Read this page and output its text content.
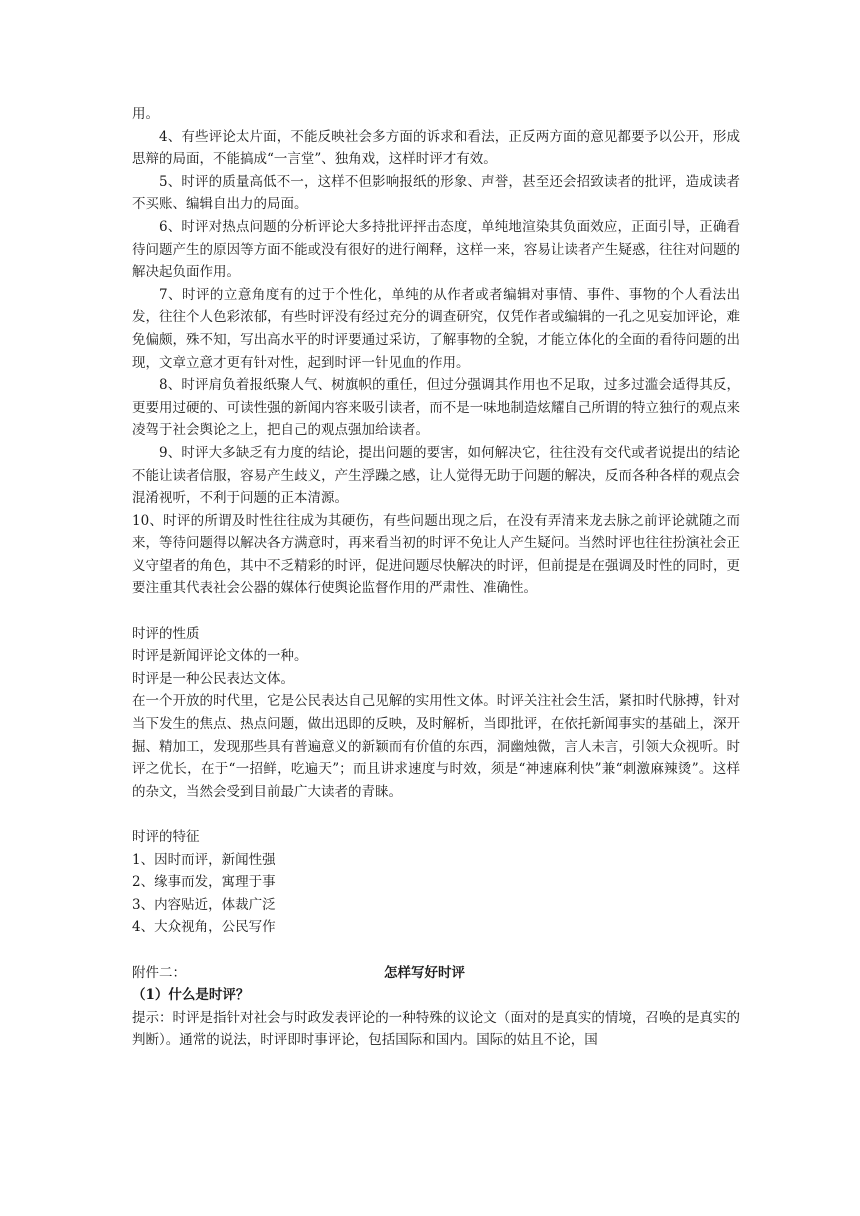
用。

4、有些评论太片面，不能反映社会多方面的诉求和看法，正反两方面的意见都要予以公开，形成思辩的局面，不能搞成“一言堂”、独角戏，这样时评才有效。

5、时评的质量高低不一，这样不但影响报纸的形象、声誉，甚至还会招致读者的批评，造成读者不买账、编辑自出力的局面。

6、时评对热点问题的分析评论大多持批评抨击态度，单纯地渲染其负面效应，正面引导，正确看待问题产生的原因等方面不能或没有很好的进行阐释，这样一来，容易让读者产生疑惑，往往对问题的解决起负面作用。

7、时评的立意角度有的过于个性化，单纯的从作者或者编辑对事情、事件、事物的个人看法出发，往往个人色彩浓郁，有些时评没有经过充分的调查研究，仅凭作者或编辑的一孔之见妄加评论，难免偏颇，殊不知，写出高水平的时评要通过采访，了解事物的全貌，才能立体化的全面的看待问题的出现，文章立意才更有针对性，起到时评一针见血的作用。

8、时评肩负着报纸聚人气、树旗帜的重任，但过分强调其作用也不足取，过多过滥会适得其反，更要用过硬的、可读性强的新闻内容来吸引读者，而不是一味地制造炫耀自己所谓的特立独行的观点来凌驾于社会舆论之上，把自己的观点强加给读者。

9、时评大多缺乏有力度的结论，提出问题的要害，如何解决它，往往没有交代或者说提出的结论不能让读者信服，容易产生歧义，产生浮躁之感，让人觉得无助于问题的解决，反而各种各样的观点会混淆视听，不利于问题的正本清源。

10、时评的所谓及时性往往成为其硬伤，有些问题出现之后，在没有弄清来龙去脉之前评论就随之而来，等待问题得以解决各方满意时，再来看当初的时评不免让人产生疑问。当然时评也往往扮演社会正义守望者的角色，其中不乏精彩的时评，促进问题尽快解决的时评，但前提是在强调及时性的同时，更要注重其代表社会公器的媒体行使舆论监督作用的严肃性、准确性。

时评的性质

时评是新闻评论文体的一种。

时评是一种公民表达文体。

在一个开放的时代里，它是公民表达自己见解的实用性文体。时评关注社会生活，紧扣时代脉搏，针对当下发生的焦点、热点问题，做出迅即的反映，及时解析，当即批评，在依托新闻事实的基础上，深开掘、精加工，发现那些具有普遍意义的新颖而有价值的东西，洞幽烛微，言人未言，引领大众视听。时评之优长，在于“一招鲜，吃遍天”；而且讲求速度与时效，须是“神速麻利快”兼“刺激麻辣烫”。这样的杂文，当然会受到目前最广大读者的青睐。

时评的特征

1、因时而评，新闻性强

2、缘事而发，寓理于事

3、内容贴近，体裁广泛

4、大众视角，公民写作

附件二：	怎样写好时评

（1）什么是时评？

提示：时评是指针对社会与时政发表评论的一种特殊的议论文（面对的是真实的情境，召唤的是真实的判断）。通常的说法，时评即时事评论，包括国际和国内。国际的姑且不论，国
